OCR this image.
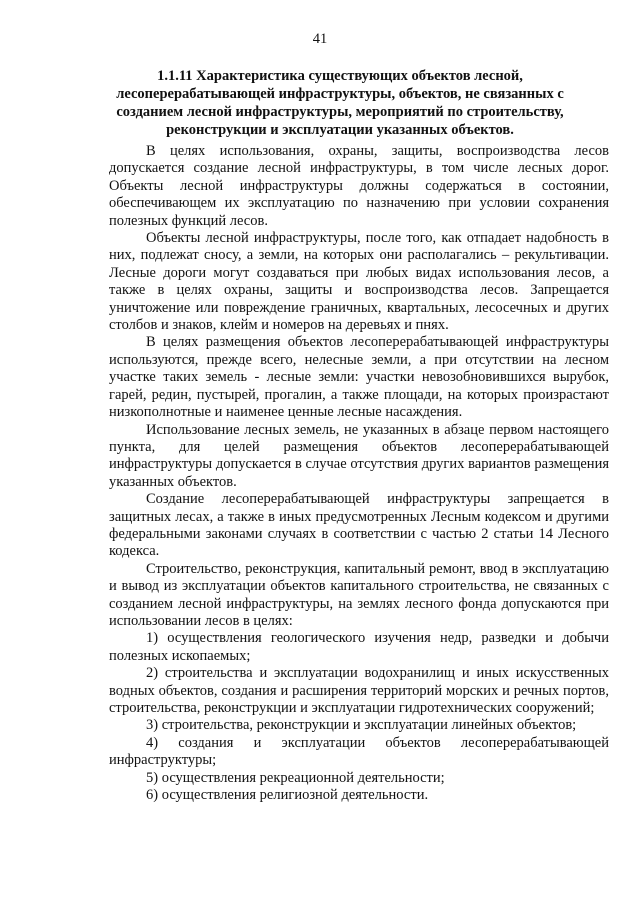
41
1.1.11 Характеристика существующих объектов лесной, лесоперерабатывающей инфраструктуры, объектов, не связанных с созданием лесной инфраструктуры, мероприятий по строительству, реконструкции и эксплуатации указанных объектов.

В целях использования, охраны, защиты, воспроизводства лесов допускается создание лесной инфраструктуры, в том числе лесных дорог. Объекты лесной инфраструктуры должны содержаться в состоянии, обеспечивающем их эксплуатацию по назначению при условии сохранения полезных функций лесов.

Объекты лесной инфраструктуры, после того, как отпадает надобность в них, подлежат сносу, а земли, на которых они располагались – рекультивации. Лесные дороги могут создаваться при любых видах использования лесов, а также в целях охраны, защиты и воспроизводства лесов. Запрещается уничтожение или повреждение граничных, квартальных, лесосечных и других столбов и знаков, клейм и номеров на деревьях и пнях.

В целях размещения объектов лесоперерабатывающей инфраструктуры используются, прежде всего, нелесные земли, а при отсутствии на лесном участке таких земель - лесные земли: участки невозобновившихся вырубок, гарей, редин, пустырей, прогалин, а также площади, на которых произрастают низкополнотные и наименее ценные лесные насаждения.

Использование лесных земель, не указанных в абзаце первом настоящего пункта, для целей размещения объектов лесоперерабатывающей инфраструктуры допускается в случае отсутствия других вариантов размещения указанных объектов.

Создание лесоперерабатывающей инфраструктуры запрещается в защитных лесах, а также в иных предусмотренных Лесным кодексом и другими федеральными законами случаях в соответствии с частью 2 статьи 14 Лесного кодекса.

Строительство, реконструкция, капитальный ремонт, ввод в эксплуатацию и вывод из эксплуатации объектов капитального строительства, не связанных с созданием лесной инфраструктуры, на землях лесного фонда допускаются при использовании лесов в целях:

1) осуществления геологического изучения недр, разведки и добычи полезных ископаемых;

2) строительства и эксплуатации водохранилищ и иных искусственных водных объектов, создания и расширения территорий морских и речных портов, строительства, реконструкции и эксплуатации гидротехнических сооружений;

3) строительства, реконструкции и эксплуатации линейных объектов;

4) создания и эксплуатации объектов лесоперерабатывающей инфраструктуры;

5) осуществления рекреационной деятельности;

6) осуществления религиозной деятельности.
